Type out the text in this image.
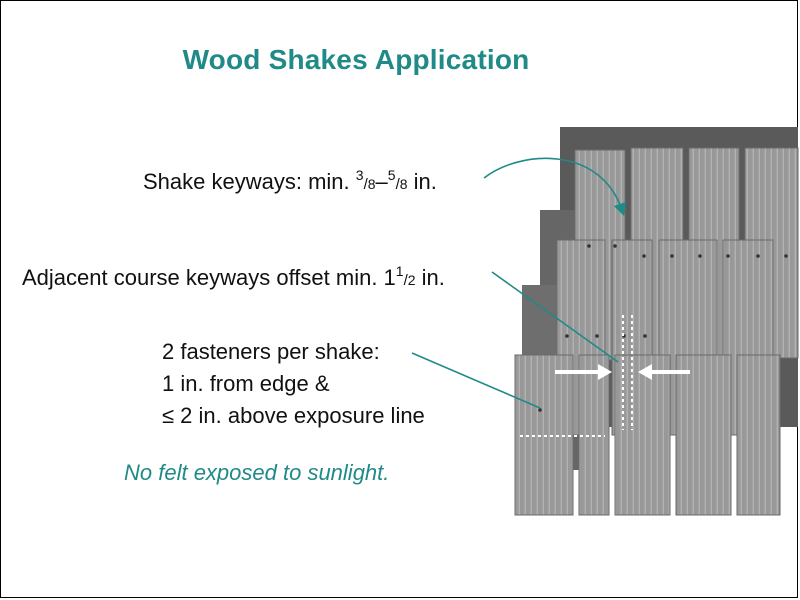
Wood Shakes Application
Shake keyways: min. $^3$/8–$^5$/8 in.
Adjacent course keyways offset min. $1^1/2$ in.
2 fasteners per shake:
1 in. from edge &
≤ 2 in. above exposure line
No felt exposed to sunlight.
